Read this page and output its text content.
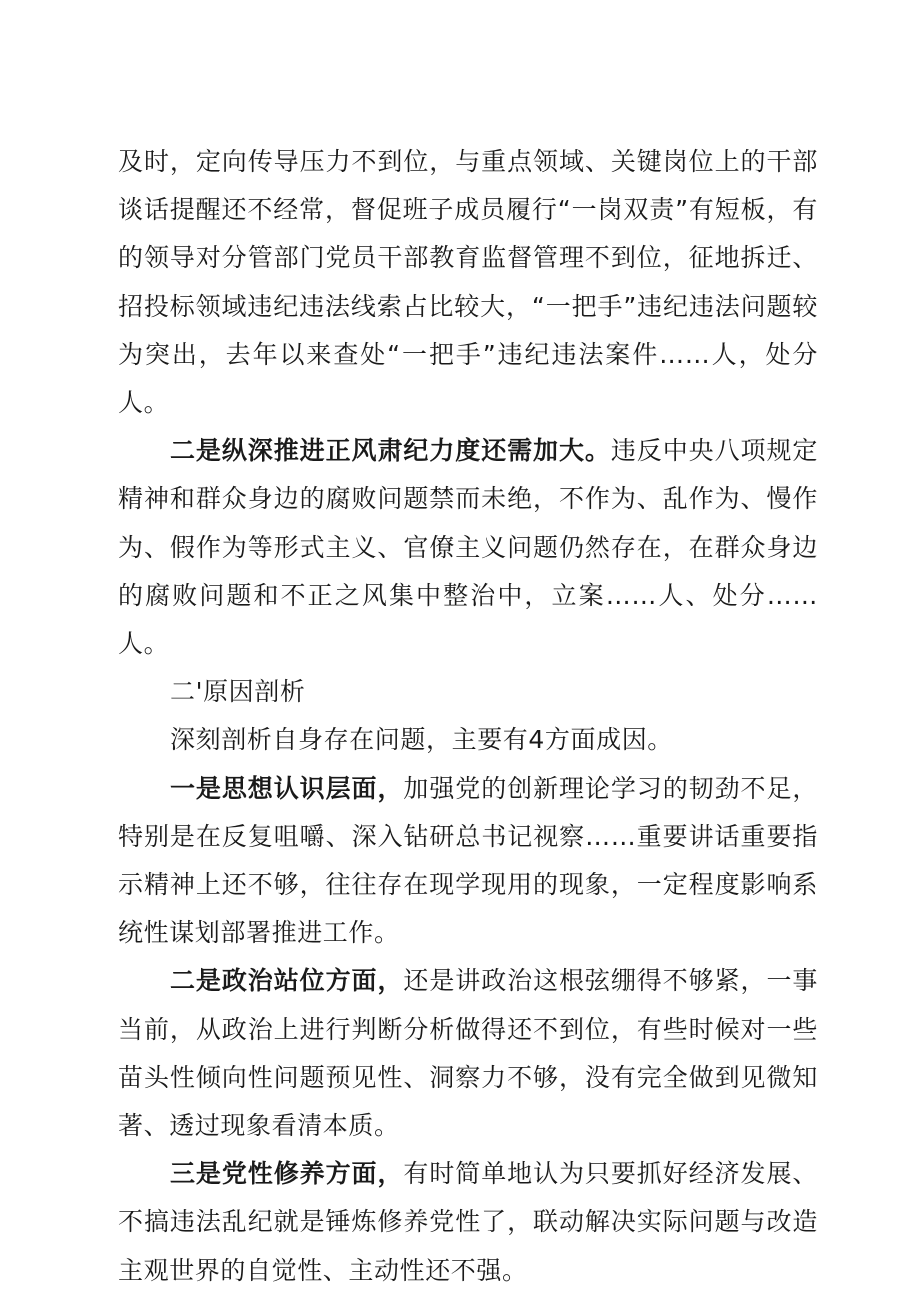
及时，定向传导压力不到位，与重点领域、关键岗位上的干部谈话提醒还不经常，督促班子成员履行“一岗双责”有短板，有的领导对分管部门党员干部教育监督管理不到位，征地拆迁、招投标领域违纪违法线索占比较大，“一把手”违纪违法问题较为突出，去年以来查处“一把手”违纪违法案件……人，处分　　人。

二是纵深推进正风肃纪力度还需加大。违反中央八项规定精神和群众身边的腐败问题禁而未绝，不作为、乱作为、慢作为、假作为等形式主义、官僚主义问题仍然存在，在群众身边的腐败问题和不正之风集中整治中，立案……人、处分……人。

二'原因剖析

深刻剖析自身存在问题，主要有4方面成因。

一是思想认识层面，加强党的创新理论学习的韧劲不足，特别是在反复咀嚼、深入钻研总书记视察……重要讲话重要指示精神上还不够，往往存在现学现用的现象，一定程度影响系统性谋划部署推进工作。

二是政治站位方面，还是讲政治这根弦绷得不够紧，一事当前，从政治上进行判断分析做得还不到位，有些时候对一些苗头性倾向性问题预见性、洞察力不够，没有完全做到见微知著、透过现象看清本质。

三是党性修养方面，有时简单地认为只要抓好经济发展、不搞违法乱纪就是锤炼修养党性了，联动解决实际问题与改造主观世界的自觉性、主动性还不强。
